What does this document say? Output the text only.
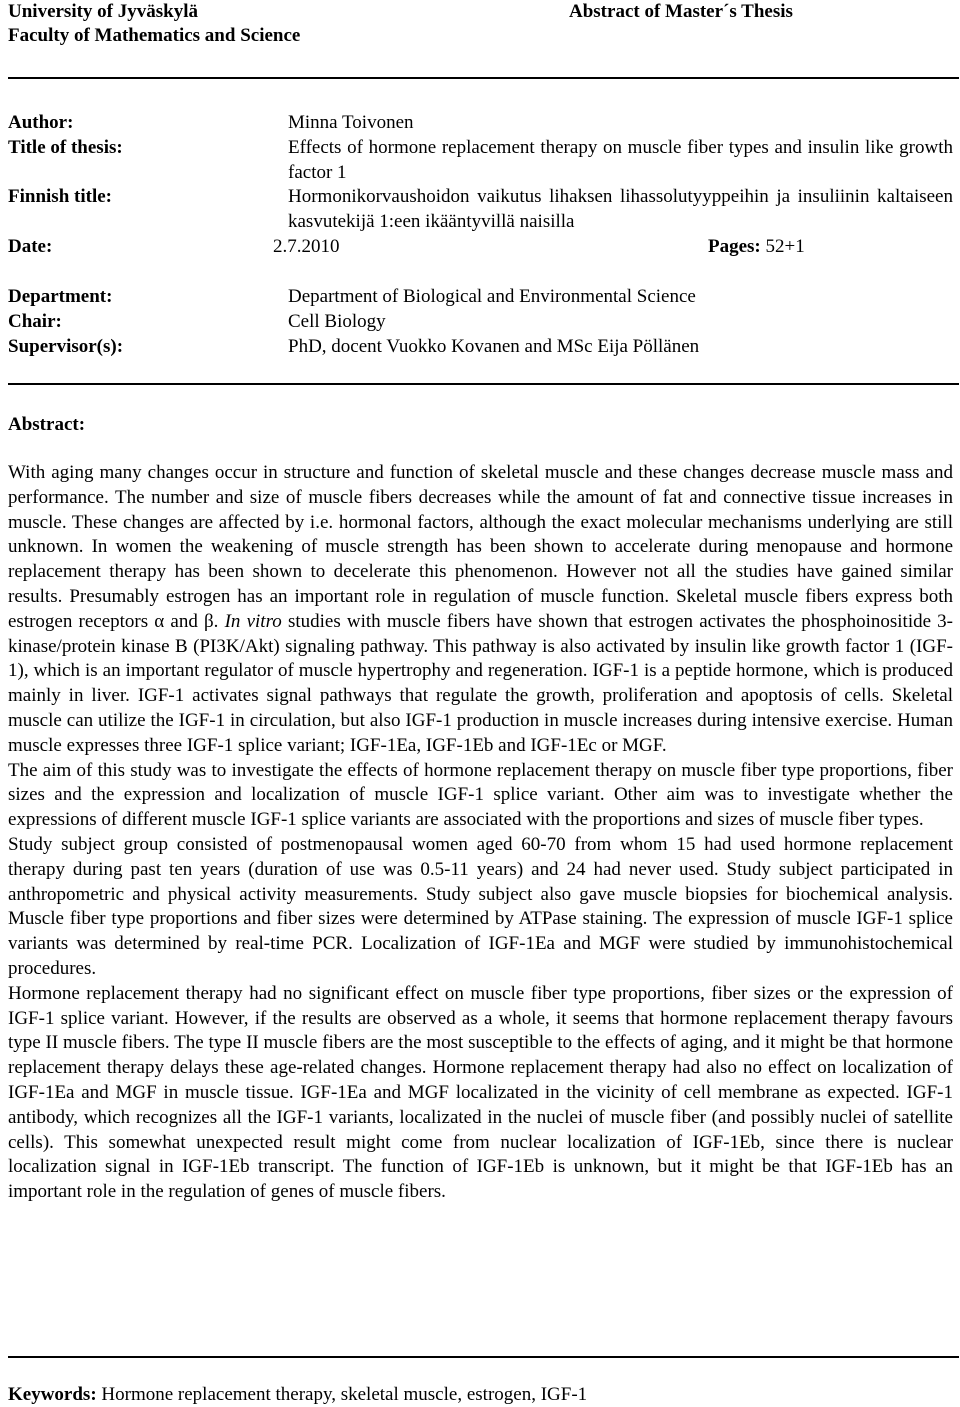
University of Jyväskylä
Faculty of Mathematics and Science
Abstract of Master´s Thesis
Author:	Minna Toivonen
Title of thesis:	Effects of hormone replacement therapy on muscle fiber types and insulin like growth factor 1
Finnish title:	Hormonikorvaushoidon vaikutus lihaksen lihassolutyyppeihin ja insuliinin kaltaiseen kasvutekijä 1:een ikääntyvillä naisilla
Date:	2.7.2010	Pages: 52+1
Department:	Department of Biological and Environmental Science
Chair:	Cell Biology
Supervisor(s):	PhD, docent Vuokko Kovanen and MSc Eija Pöllänen
Abstract:

With aging many changes occur in structure and function of skeletal muscle and these changes decrease muscle mass and performance. The number and size of muscle fibers decreases while the amount of fat and connective tissue increases in muscle. These changes are affected by i.e. hormonal factors, although the exact molecular mechanisms underlying are still unknown. In women the weakening of muscle strength has been shown to accelerate during menopause and hormone replacement therapy has been shown to decelerate this phenomenon. However not all the studies have gained similar results. Presumably estrogen has an important role in regulation of muscle function. Skeletal muscle fibers express both estrogen receptors α and β. In vitro studies with muscle fibers have shown that estrogen activates the phosphoinositide 3-kinase/protein kinase B (PI3K/Akt) signaling pathway. This pathway is also activated by insulin like growth factor 1 (IGF-1), which is an important regulator of muscle hypertrophy and regeneration. IGF-1 is a peptide hormone, which is produced mainly in liver. IGF-1 activates signal pathways that regulate the growth, proliferation and apoptosis of cells. Skeletal muscle can utilize the IGF-1 in circulation, but also IGF-1 production in muscle increases during intensive exercise. Human muscle expresses three IGF-1 splice variant; IGF-1Ea, IGF-1Eb and IGF-1Ec or MGF.

The aim of this study was to investigate the effects of hormone replacement therapy on muscle fiber type proportions, fiber sizes and the expression and localization of muscle IGF-1 splice variant. Other aim was to investigate whether the expressions of different muscle IGF-1 splice variants are associated with the proportions and sizes of muscle fiber types.

Study subject group consisted of postmenopausal women aged 60-70 from whom 15 had used hormone replacement therapy during past ten years (duration of use was 0.5-11 years) and 24 had never used. Study subject participated in anthropometric and physical activity measurements. Study subject also gave muscle biopsies for biochemical analysis. Muscle fiber type proportions and fiber sizes were determined by ATPase staining. The expression of muscle IGF-1 splice variants was determined by real-time PCR. Localization of IGF-1Ea and MGF were studied by immunohistochemical procedures.

Hormone replacement therapy had no significant effect on muscle fiber type proportions, fiber sizes or the expression of IGF-1 splice variant. However, if the results are observed as a whole, it seems that hormone replacement therapy favours type II muscle fibers. The type II muscle fibers are the most susceptible to the effects of aging, and it might be that hormone replacement therapy delays these age-related changes. Hormone replacement therapy had also no effect on localization of IGF-1Ea and MGF in muscle tissue. IGF-1Ea and MGF localizated in the vicinity of cell membrane as expected. IGF-1 antibody, which recognizes all the IGF-1 variants, localizated in the nuclei of muscle fiber (and possibly nuclei of satellite cells). This somewhat unexpected result might come from nuclear localization of IGF-1Eb, since there is nuclear localization signal in IGF-1Eb transcript. The function of IGF-1Eb is unknown, but it might be that IGF-1Eb has an important role in the regulation of genes of muscle fibers.

Keywords: Hormone replacement therapy, skeletal muscle, estrogen, IGF-1
